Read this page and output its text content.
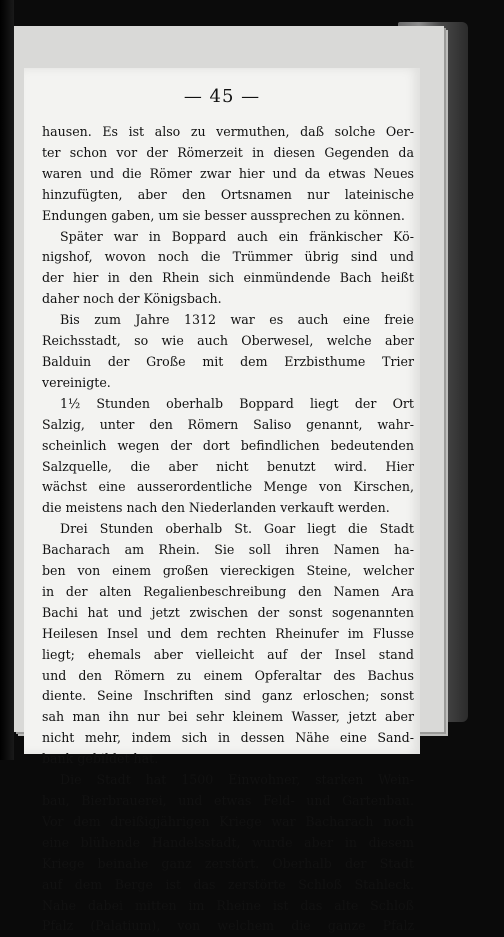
— 45 —
hausen. Es ist also zu vermuthen, daß solche Oer-
ter schon vor der Römerzeit in diesen Gegenden da
waren und die Römer zwar hier und da etwas Neues
hinzufügten, aber den Ortsnamen nur lateinische
Endungen gaben, um sie besser aussprechen zu können.
Später war in Boppard auch ein fränkischer Kö-
nigshof, wovon noch die Trümmer übrig sind und
der hier in den Rhein sich einmündende Bach heißt
daher noch der Königsbach.
Bis zum Jahre 1312 war es auch eine freie
Reichsstadt, so wie auch Oberwesel, welche aber
Balduin der Große mit dem Erzbisthume Trier
vereinigte.
1½ Stunden oberhalb Boppard liegt der Ort
Salzig, unter den Römern Saliso genannt, wahr-
scheinlich wegen der dort befindlichen bedeutenden
Salzquelle, die aber nicht benutzt wird. Hier
wächst eine ausserordentliche Menge von Kirschen,
die meistens nach den Niederlanden verkauft werden.
Drei Stunden oberhalb St. Goar liegt die Stadt
Bacharach am Rhein. Sie soll ihren Namen ha-
ben von einem großen viereckigen Steine, welcher
in der alten Regalienbeschreibung den Namen Ara
Bachi hat und jetzt zwischen der sonst sogenannten
Heilesen Insel und dem rechten Rheinufer im Flusse
liegt; ehemals aber vielleicht auf der Insel stand
und den Römern zu einem Opferaltar des Bachus
diente. Seine Inschriften sind ganz erloschen; sonst
sah man ihn nur bei sehr kleinem Wasser, jetzt aber
nicht mehr, indem sich in dessen Nähe eine Sand-
bank gebildet hat.
Die Stadt hat 1500 Einwohner, starken Wein-
bau, Bierbrauerei, und etwas Feld- und Gartenbau.
Vor dem dreißigjährigen Kriege war Bacharach noch
eine blühende Handelsstadt, wurde aber in diesem
Kriege beinahe ganz zerstört. Oberhalb der Stadt
auf dem Berge ist das zerstörte Schloß Stahleck.
Nahe dabei mitten im Rheine ist das alte Schloß
Pfalz (Palatium), von welchem die ganze Pfalz
